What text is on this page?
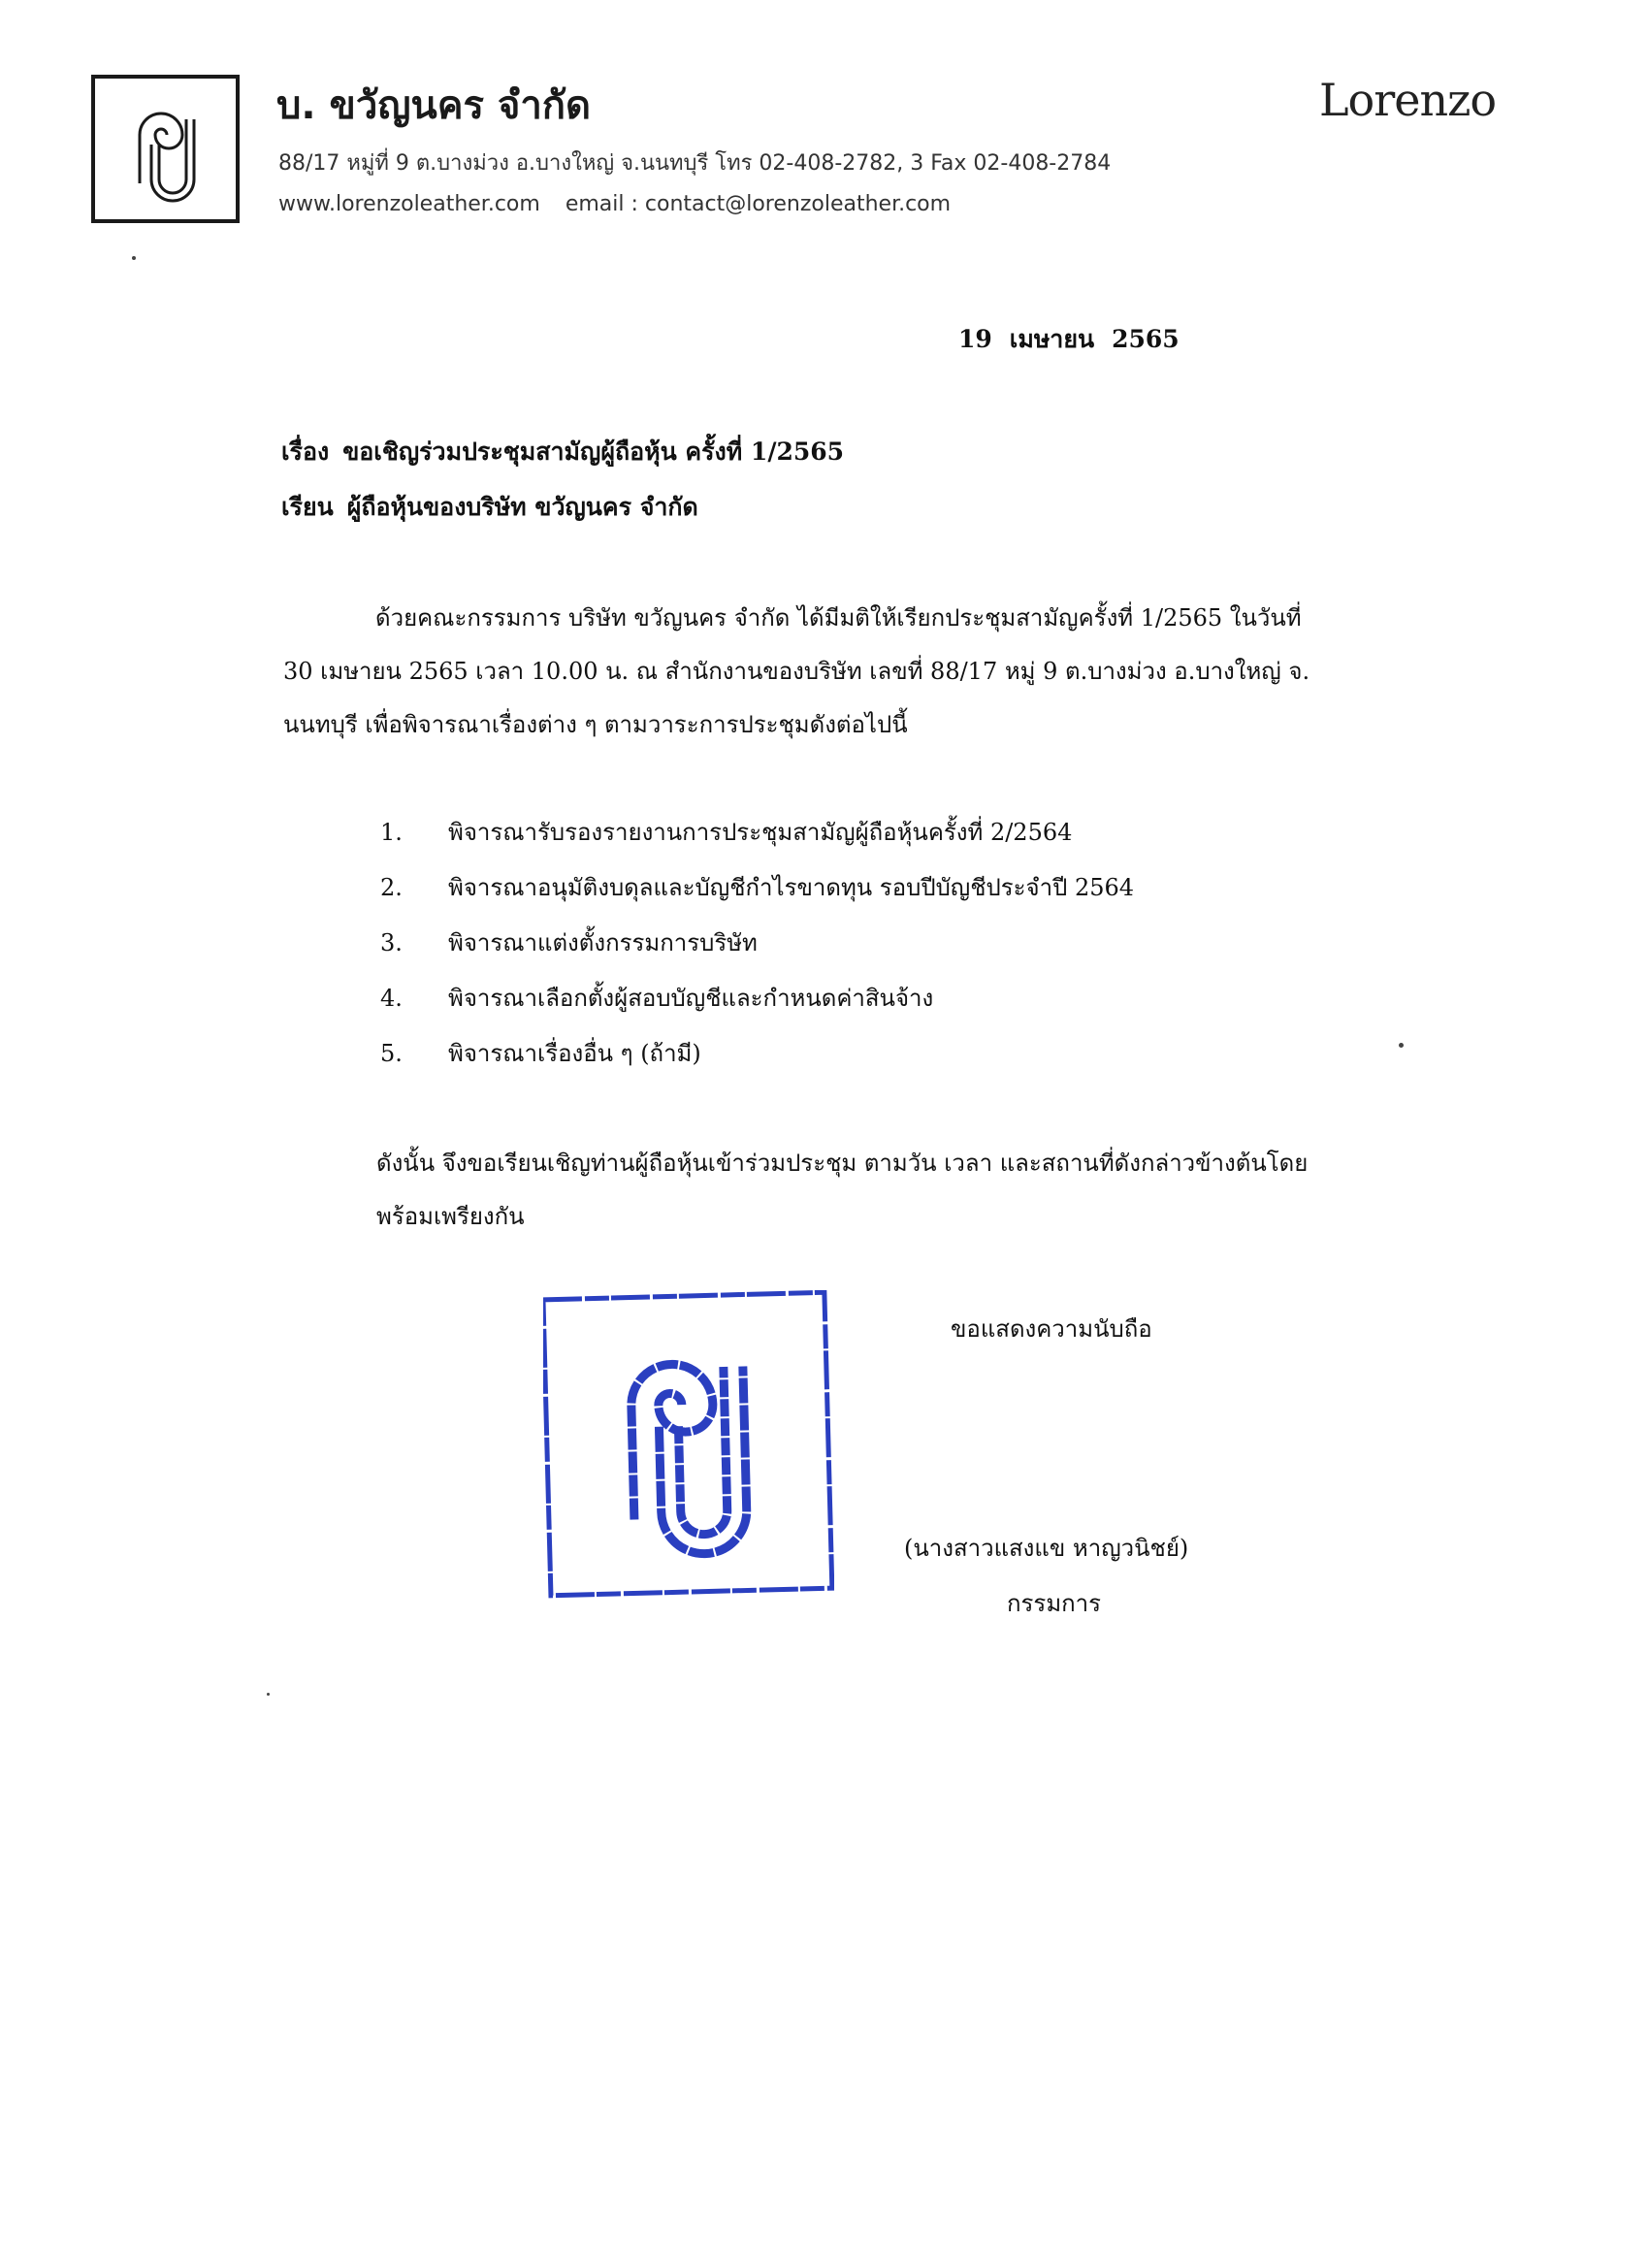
บ. ขวัญนคร จำกัด	Lorenzo
88/17 หมู่ที่ 9 ต.บางม่วง อ.บางใหญ่ จ.นนทบุรี โทร 02-408-2782, 3 Fax 02-408-2784
www.lorenzoleather.com email : contact@lorenzoleather.com
19 เมษายน 2565
เรื่อง ขอเชิญร่วมประชุมสามัญผู้ถือหุ้น ครั้งที่ 1/2565
เรียน ผู้ถือหุ้นของบริษัท ขวัญนคร จำกัด
ด้วยคณะกรรมการ บริษัท ขวัญนคร จำกัด ได้มีมติให้เรียกประชุมสามัญครั้งที่ 1/2565 ในวันที่
30 เมษายน 2565 เวลา 10.00 น. ณ สำนักงานของบริษัท เลขที่ 88/17 หมู่ 9 ต.บางม่วง อ.บางใหญ่ จ.
นนทบุรี เพื่อพิจารณาเรื่องต่าง ๆ ตามวาระการประชุมดังต่อไปนี้
1. พิจารณารับรองรายงานการประชุมสามัญผู้ถือหุ้นครั้งที่ 2/2564
2. พิจารณาอนุมัติงบดุลและบัญชีกำไรขาดทุน รอบปีบัญชีประจำปี 2564
3. พิจารณาแต่งตั้งกรรมการบริษัท
4. พิจารณาเลือกตั้งผู้สอบบัญชีและกำหนดค่าสินจ้าง
5. พิจารณาเรื่องอื่น ๆ (ถ้ามี)
ดังนั้น จึงขอเรียนเชิญท่านผู้ถือหุ้นเข้าร่วมประชุม ตามวัน เวลา และสถานที่ดังกล่าวข้างต้นโดย
พร้อมเพรียงกัน
ขอแสดงความนับถือ
(นางสาวแสงแข หาญวนิชย์)
กรรมการ
